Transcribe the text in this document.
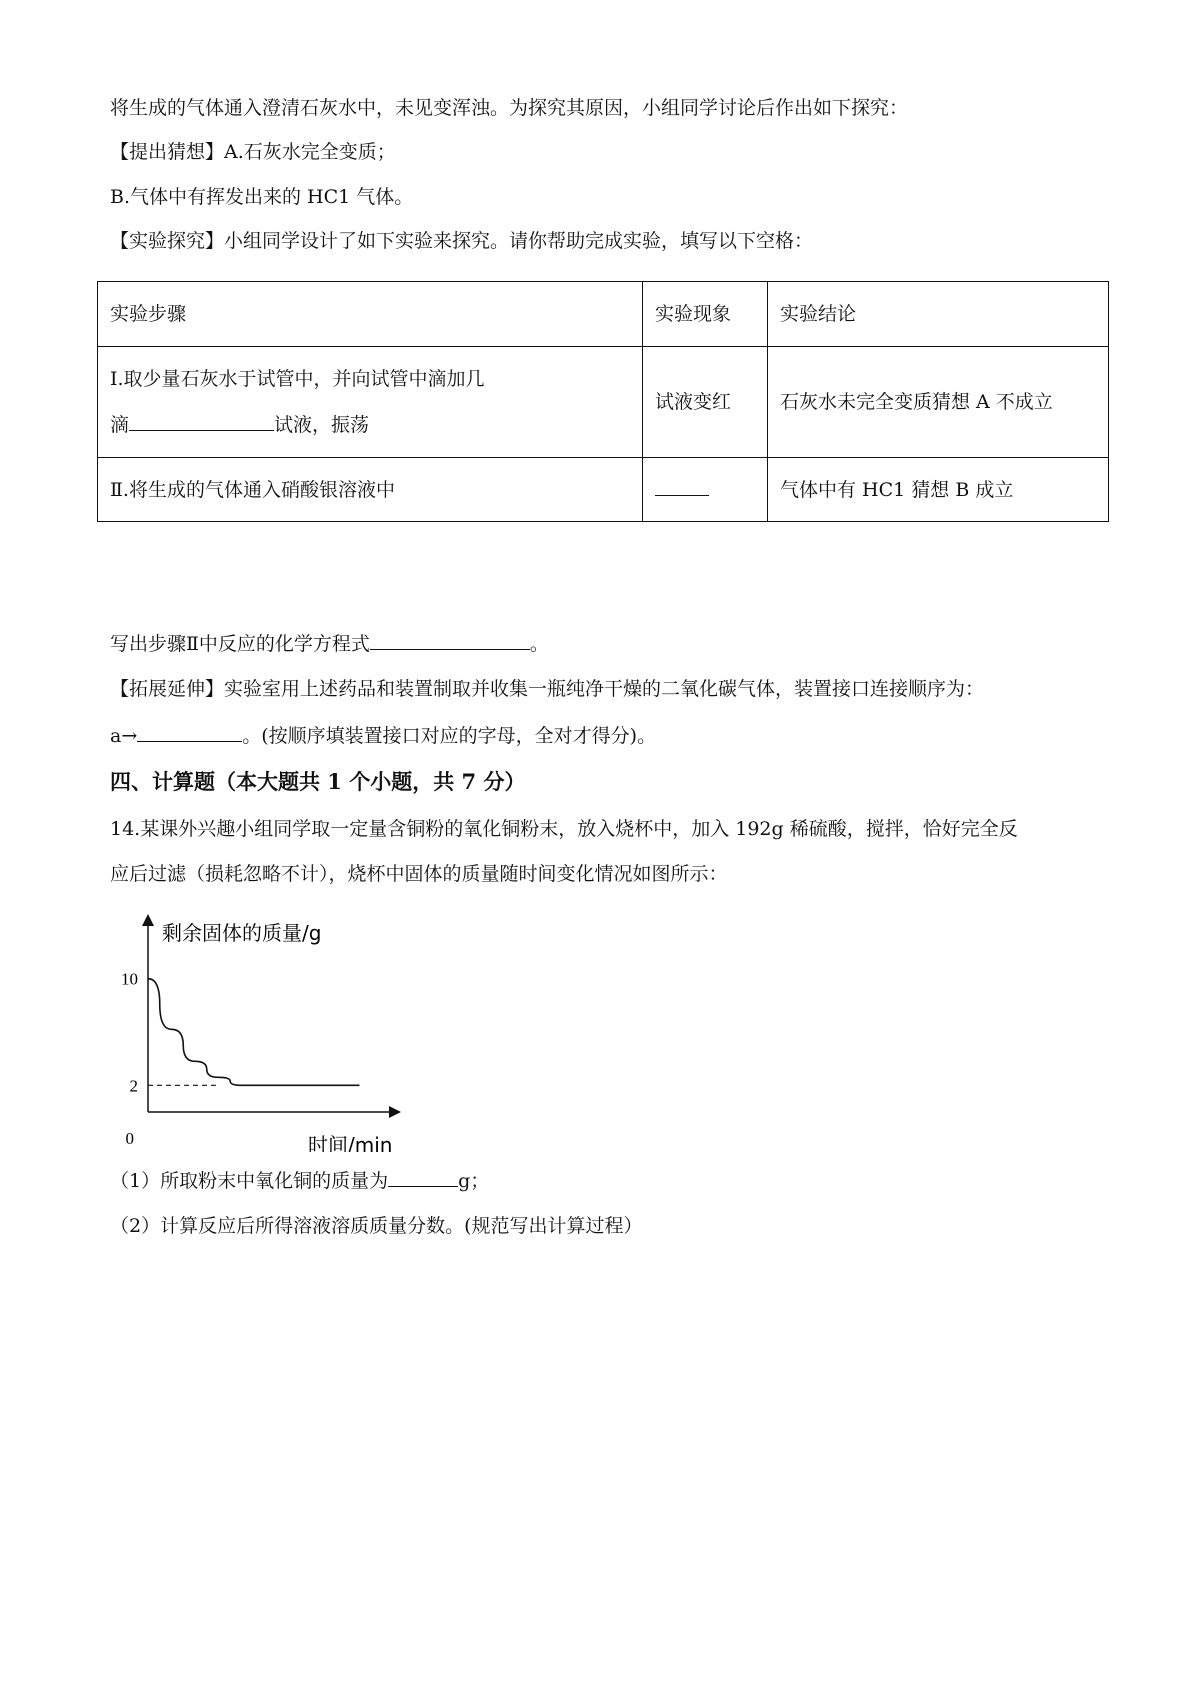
将生成的气体通入澄清石灰水中，未见变浑浊。为探究其原因，小组同学讨论后作出如下探究：
【提出猜想】A.石灰水完全变质；
B.气体中有挥发出来的 HC1 气体。
【实验探究】小组同学设计了如下实验来探究。请你帮助完成实验，填写以下空格：
实验步骤	实验现象	实验结论

Ⅰ.取少量石灰水于试管中，并向试管中滴加几
滴 试液，振荡	试液变红	石灰水未完全变质猜想 A 不成立
Ⅱ.将生成的气体通入硝酸银溶液中		气体中有 HC1 猜想 B 成立
写出步骤Ⅱ中反应的化学方程式	。
【拓展延伸】实验室用上述药品和装置制取并收集一瓶纯净干燥的二氧化碳气体，装置接口连接顺序为：
a→	。(按顺序填装置接口对应的字母，全对才得分)。
四、计算题（本大题共 1 个小题，共 7 分）
14.某课外兴趣小组同学取一定量含铜粉的氧化铜粉末，放入烧杯中，加入 192g 稀硫酸，搅拌，恰好完全反
应后过滤（损耗忽略不计），烧杯中固体的质量随时间变化情况如图所示：
剩余固体的质量/g
时间/min
10
2
0
（1）所取粉末中氧化铜的质量为	g；
（2）计算反应后所得溶液溶质质量分数。(规范写出计算过程）
